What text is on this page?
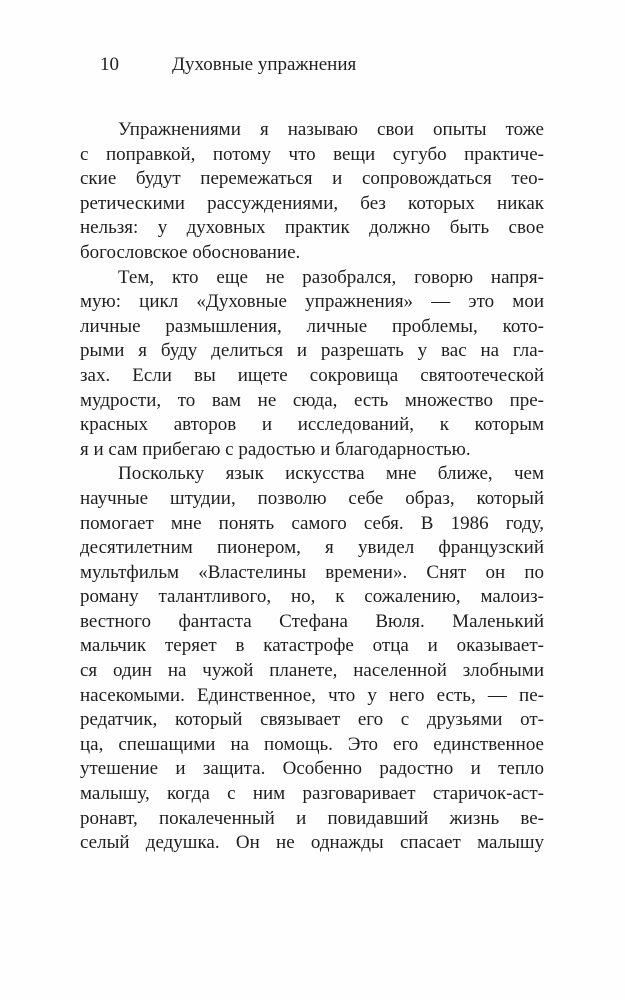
10	Духовные упражнения

Упражнениями я называю свои опыты тоже
с поправкой, потому что вещи сугубо практиче-
ские будут перемежаться и сопровождаться тео-
ретическими рассуждениями, без которых никак
нельзя: у духовных практик должно быть свое
богословское обоснование.

Тем, кто еще не разобрался, говорю напря-
мую: цикл «Духовные упражнения» — это мои
личные размышления, личные проблемы, кото-
рыми я буду делиться и разрешать у вас на гла-
зах. Если вы ищете сокровища святоотеческой
мудрости, то вам не сюда, есть множество пре-
красных авторов и исследований, к которым
я и сам прибегаю с радостью и благодарностью.

Поскольку язык искусства мне ближе, чем
научные штудии, позволю себе образ, который
помогает мне понять самого себя. В 1986 году,
десятилетним пионером, я увидел французский
мультфильм «Властелины времени». Снят он по
роману талантливого, но, к сожалению, малоиз-
вестного фантаста Стефана Вюля. Маленький
мальчик теряет в катастрофе отца и оказывает-
ся один на чужой планете, населенной злобными
насекомыми. Единственное, что у него есть, — пе-
редатчик, который связывает его с друзьями от-
ца, спешащими на помощь. Это его единственное
утешение и защита. Особенно радостно и тепло
малышу, когда с ним разговаривает старичок-аст-
ронавт, покалеченный и повидавший жизнь ве-
селый дедушка. Он не однажды спасает малышу
